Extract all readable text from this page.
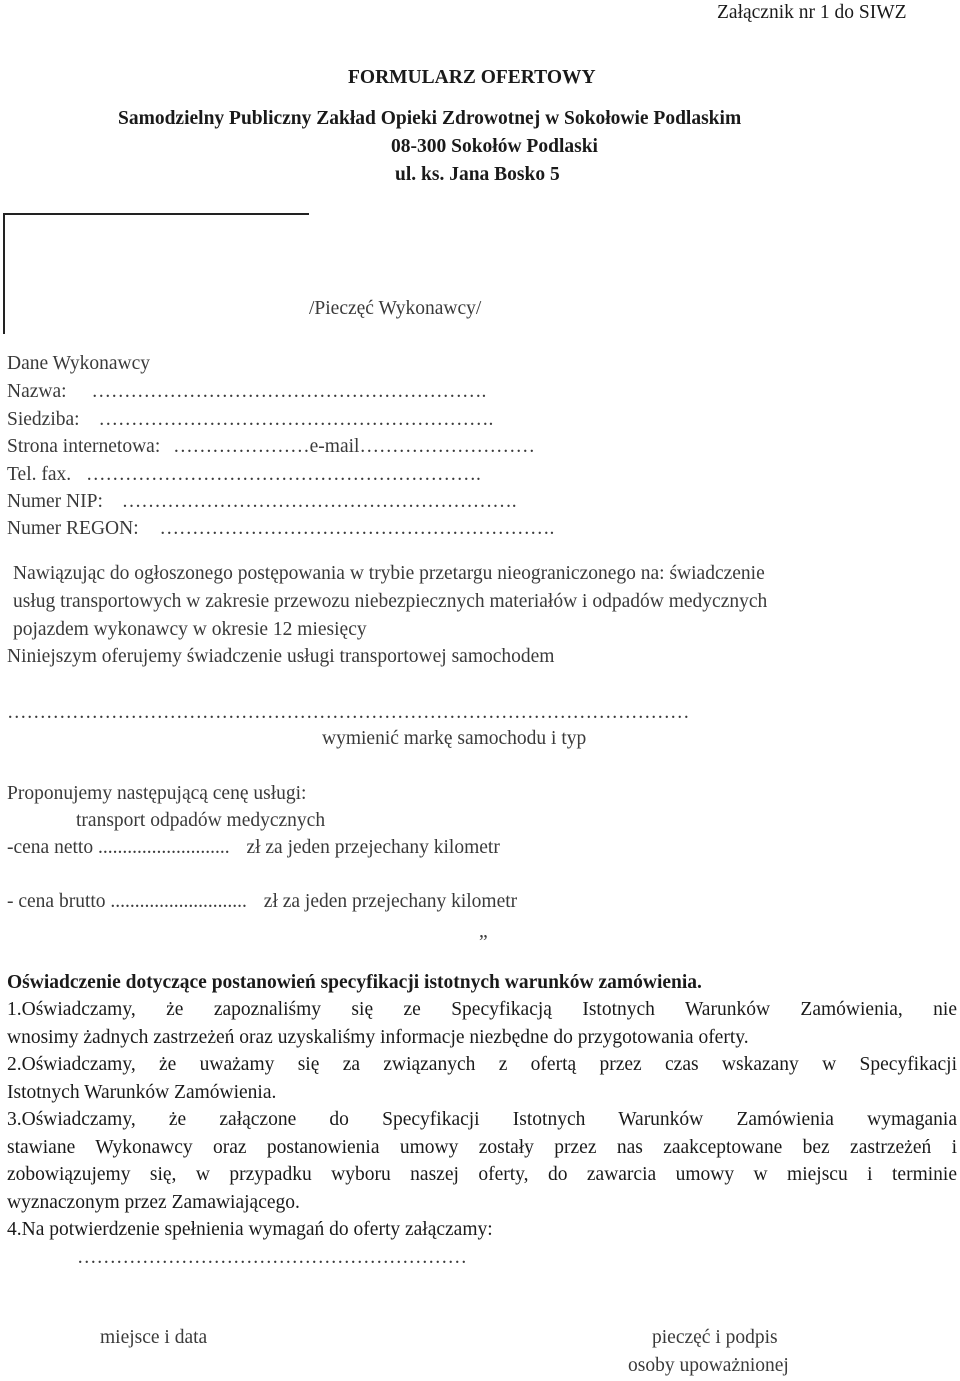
Załącznik nr 1 do SIWZ
FORMULARZ OFERTOWY
Samodzielny Publiczny Zakład Opieki Zdrowotnej w Sokołowie Podlaskim
08-300 Sokołów Podlaski
ul. ks. Jana Bosko 5
/Pieczęć Wykonawcy/
Dane Wykonawcy
Nazwa: …………………………………………………….
Siedziba: …………………………………………………….
Strona internetowa: …………………e-mail………………………
Tel. fax. …………………………………………………….
Numer NIP: …………………………………………………….
Numer REGON: …………………………………………………….
Nawiązując do ogłoszonego postępowania w trybie przetargu nieograniczonego na: świadczenie
usług transportowych w zakresie przewozu niebezpiecznych materiałów i odpadów medycznych
pojazdem wykonawcy w okresie 12 miesięcy
Niniejszym oferujemy świadczenie usługi transportowej samochodem
……………………………………………………………………………………………
wymienić markę samochodu i typ
Proponujemy następującą cenę usługi:
transport odpadów medycznych
-cena netto ........................... zł za jeden przejechany kilometr
- cena brutto ............................ zł za jeden przejechany kilometr
„
Oświadczenie dotyczące postanowień specyfikacji istotnych warunków zamówienia.
1.Oświadczamy, że zapoznaliśmy się ze Specyfikacją Istotnych Warunków Zamówienia, nie
wnosimy żadnych zastrzeżeń oraz uzyskaliśmy informacje niezbędne do przygotowania oferty.
2.Oświadczamy, że uważamy się za związanych z ofertą przez czas wskazany w Specyfikacji
Istotnych Warunków Zamówienia.
3.Oświadczamy, że załączone do Specyfikacji Istotnych Warunków Zamówienia wymagania
stawiane Wykonawcy oraz postanowienia umowy zostały przez nas zaakceptowane bez zastrzeżeń i
zobowiązujemy się, w przypadku wyboru naszej oferty, do zawarcia umowy w miejscu i terminie
wyznaczonym przez Zamawiającego.
4.Na potwierdzenie spełnienia wymagań do oferty załączamy:
……………………………………………………
miejsce i data	pieczęć i podpis
osoby upoważnionej
